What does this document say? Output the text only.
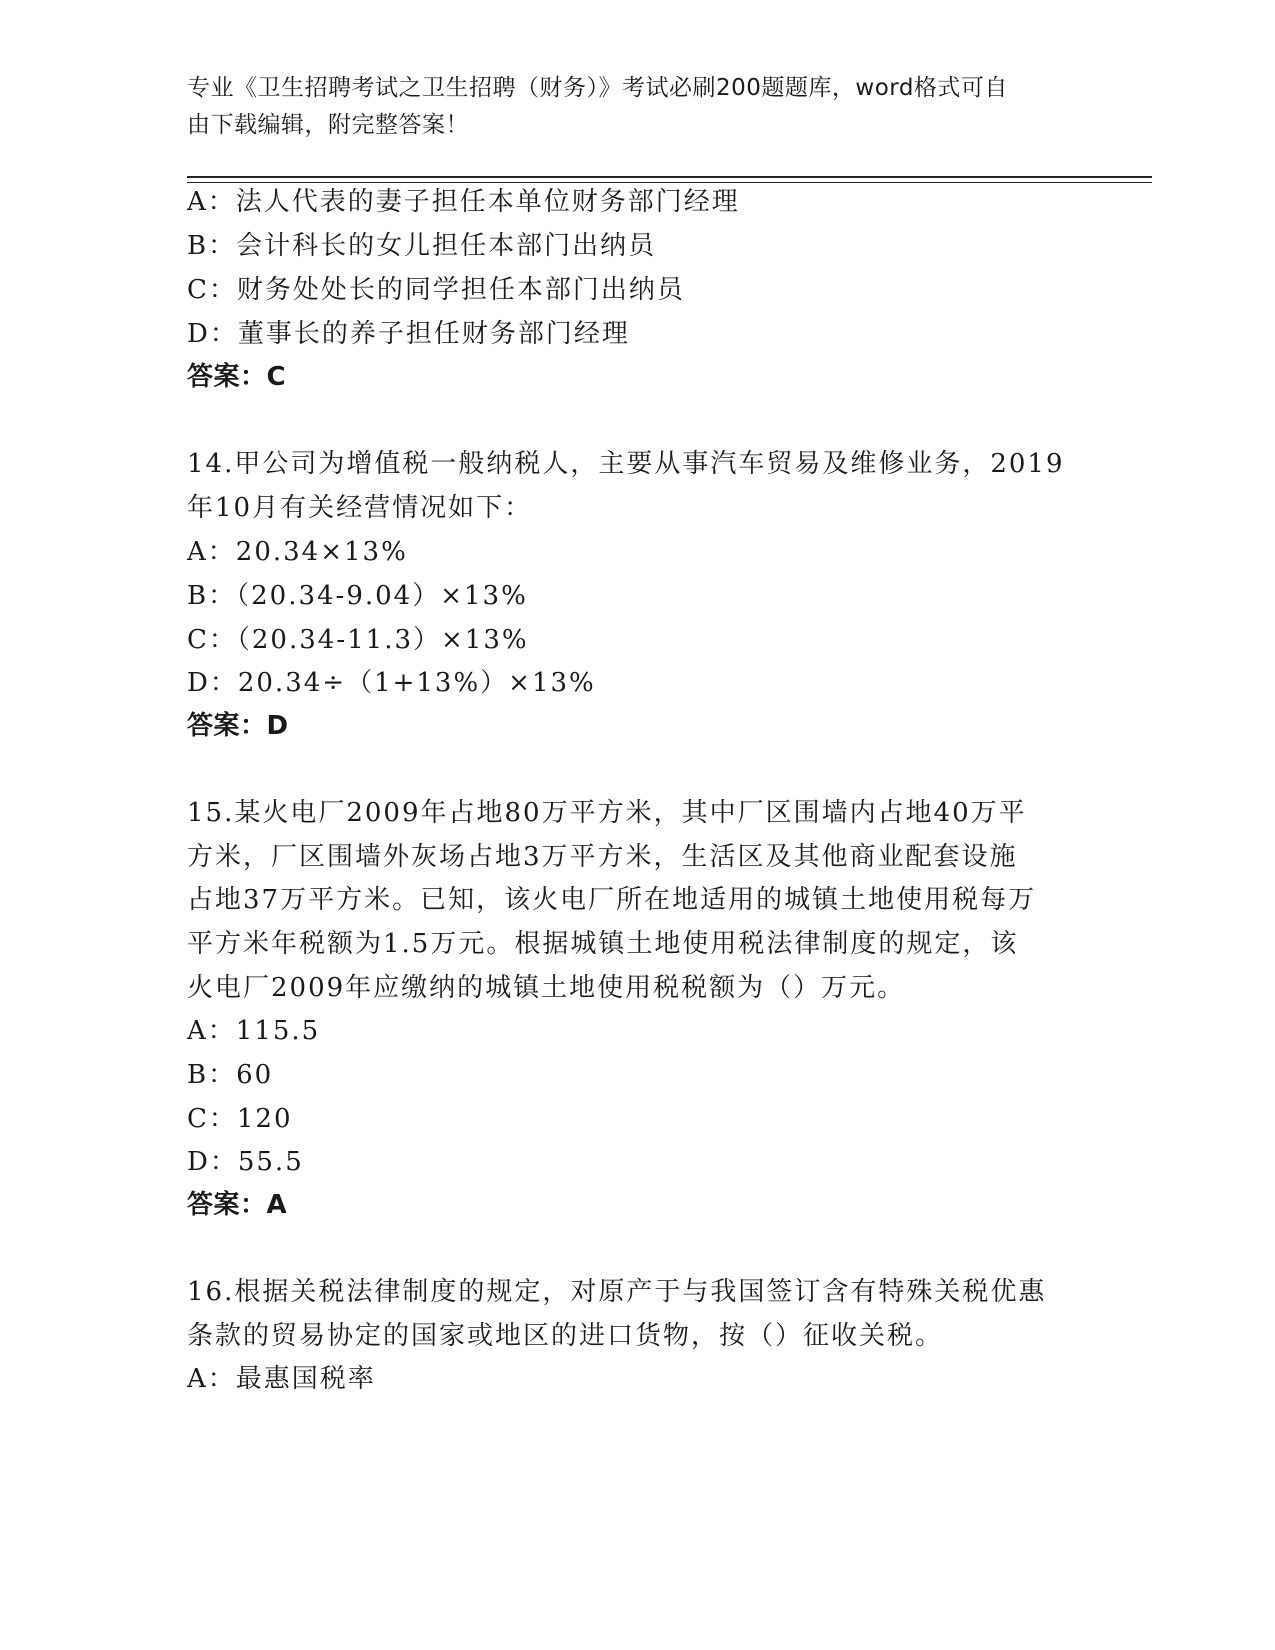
专业《卫生招聘考试之卫生招聘（财务）》考试必刷200题题库，word格式可自
由下载编辑，附完整答案！
A：法人代表的妻子担任本单位财务部门经理
B：会计科长的女儿担任本部门出纳员
C：财务处处长的同学担任本部门出纳员
D：董事长的养子担任财务部门经理
答案：C
14.甲公司为增值税一般纳税人，主要从事汽车贸易及维修业务，2019
年10月有关经营情况如下：
A：20.34×13%
B：（20.34-9.04）×13%
C：（20.34-11.3）×13%
D：20.34÷（1+13%）×13%
答案：D
15.某火电厂2009年占地80万平方米，其中厂区围墙内占地40万平
方米，厂区围墙外灰场占地3万平方米，生活区及其他商业配套设施
占地37万平方米。已知，该火电厂所在地适用的城镇土地使用税每万
平方米年税额为1.5万元。根据城镇土地使用税法律制度的规定，该
火电厂2009年应缴纳的城镇土地使用税税额为（）万元。
A：115.5
B：60
C：120
D：55.5
答案：A
16.根据关税法律制度的规定，对原产于与我国签订含有特殊关税优惠
条款的贸易协定的国家或地区的进口货物，按（）征收关税。
A：最惠国税率
